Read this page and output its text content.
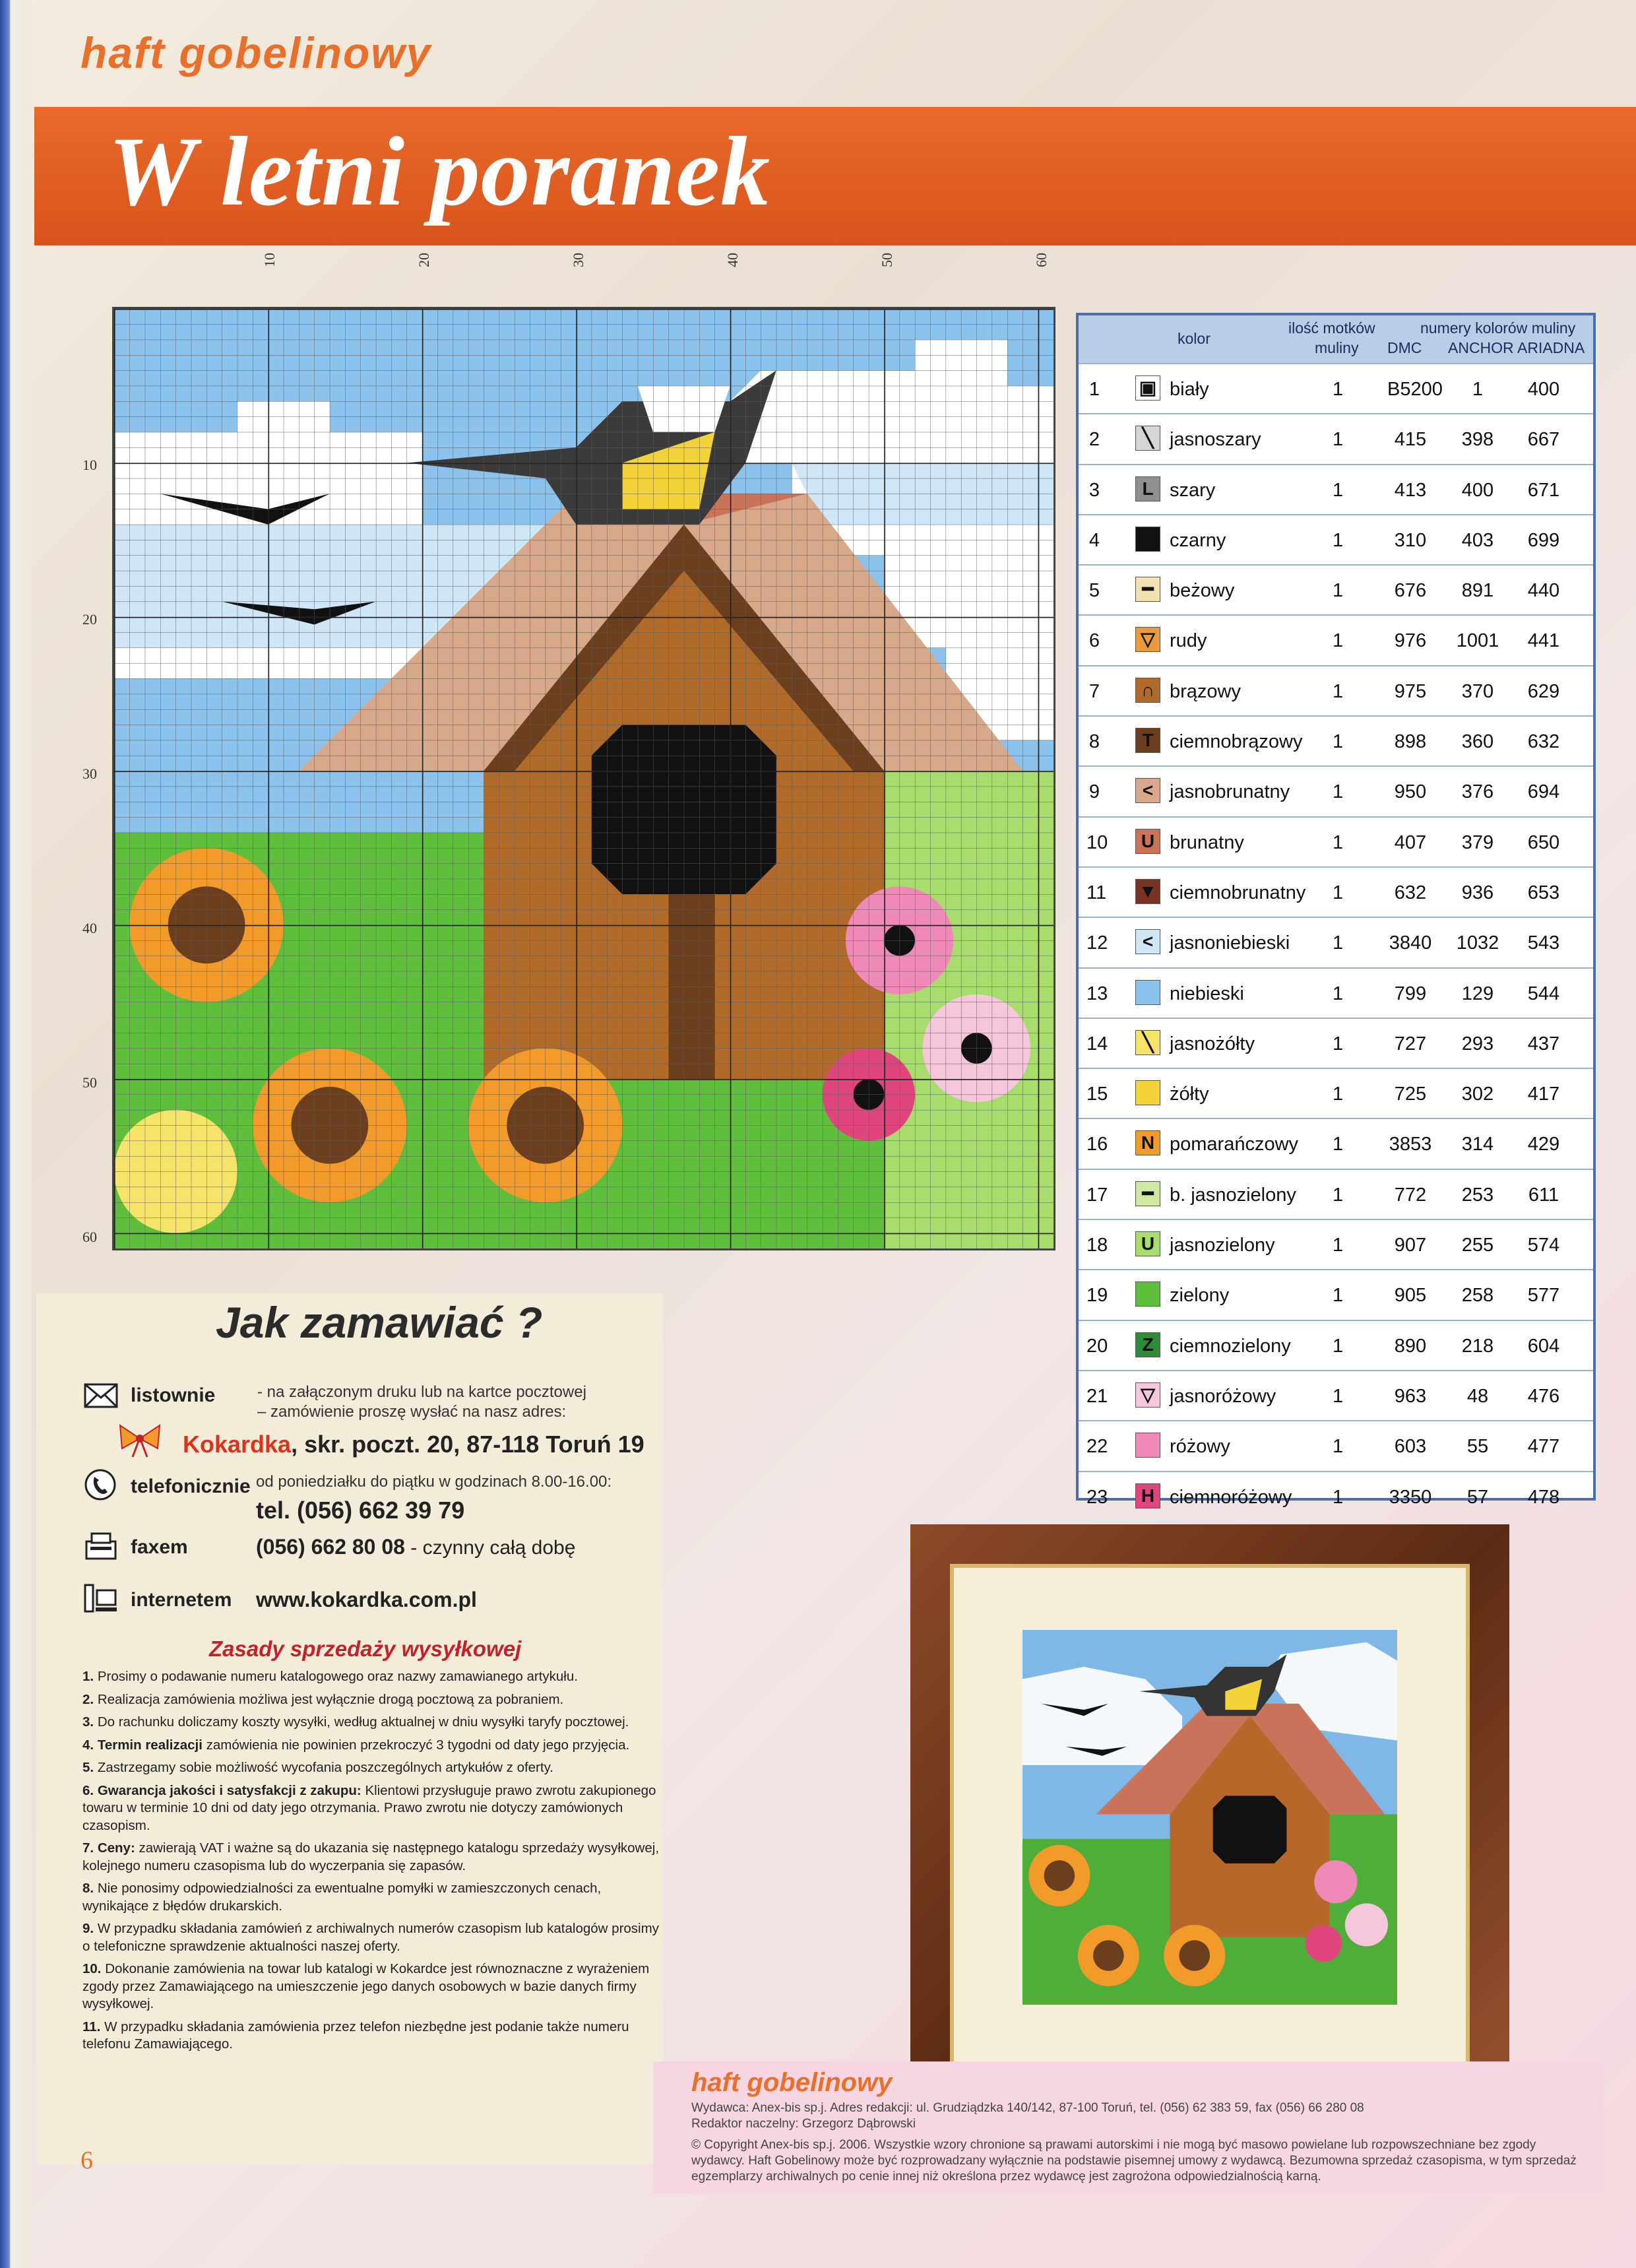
haft gobelinowy
W letni poranek
10	20	30	40	50	60
10
20
30
40
50
60
kolor
ilość motków
muliny
numery kolorów muliny
DMC ANCHOR ARIADNA
1 ▣ biały	1 B5200	1	400
2	╲ jasnoszary	1	415	398	667
3	L szary	1	413	400	671
4	■ czarny	1	310	403	699
5	━ beżowy	1	676	891	440
6 ▽ rudy	1	976	1001	441
7	∩ brązowy	1	975	370	629
8	T ciemnobrązowy 1	898	360	632
9	< jasnobrunatny 1	950	376	694
10	U brunatny	1	407	379	650
11 ▼ ciemnobrunatny 1	632	936	653
12	< jasnoniebieski 1 3840 1032	543
13	niebieski	1	799	129	544
14	╲ jasnożółty	1	727	293	437
15	żółty	1	725	302	417
16	N pomarańczowy 1 3853	314	429
17	━ b. jasnozielony 1	772	253	611
18	U jasnozielony	1	907	255	574
19	zielony	1	905	258	577
20	Z ciemnozielony 1	890	218	604
21 ▽ jasnoróżowy	1	963	48	476
22	różowy	1	603	55	477
23	H ciemnoróżowy 1 3350	57	478
Jak zamawiać ?
listownie	- na załączonym druku lub na kartce pocztowej
– zamówienie proszę wysłać na nasz adres:
Kokardka, skr. poczt. 20, 87-118 Toruń 19
telefonicznie od poniedziałku do piątku w godzinach 8.00-16.00:
tel. (056) 662 39 79
faxem	(056) 662 80 08 - czynny całą dobę
internetem www.kokardka.com.pl
Zasady sprzedaży wysyłkowej

1. Prosimy o podawanie numeru katalogowego oraz nazwy zamawianego artykułu.

2. Realizacja zamówienia możliwa jest wyłącznie drogą pocztową za pobraniem.

3. Do rachunku doliczamy koszty wysyłki, według aktualnej w dniu wysyłki taryfy pocztowej.

4. Termin realizacji zamówienia nie powinien przekroczyć 3 tygodni od daty jego przyjęcia.

5. Zastrzegamy sobie możliwość wycofania poszczególnych artykułów z oferty.

6. Gwarancja jakości i satysfakcji z zakupu: Klientowi przysługuje prawo zwrotu zakupionego towaru w terminie 10 dni od daty jego otrzymania. Prawo zwrotu nie dotyczy zamówionych czasopism.

7. Ceny: zawierają VAT i ważne są do ukazania się następnego katalogu sprzedaży wysyłkowej, kolejnego numeru czasopisma lub do wyczerpania się zapasów.

8. Nie ponosimy odpowiedzialności za ewentualne pomyłki w zamieszczonych cenach, wynikające z błędów drukarskich.

9. W przypadku składania zamówień z archiwalnych numerów czasopism lub katalogów prosimy o telefoniczne sprawdzenie aktualności naszej oferty.

10. Dokonanie zamówienia na towar lub katalogi w Kokardce jest równoznaczne z wyrażeniem zgody przez Zamawiającego na umieszczenie jego danych osobowych w bazie danych firmy wysyłkowej.

11. W przypadku składania zamówienia przez telefon niezbędne jest podanie także numeru telefonu Zamawiającego.

haft gobelinowy
Wydawca: Anex-bis sp.j. Adres redakcji: ul. Grudziądzka 140/142, 87-100 Toruń, tel. (056) 62 383 59, fax (056) 66 280 08
Redaktor naczelny: Grzegorz Dąbrowski
© Copyright Anex-bis sp.j. 2006. Wszystkie wzory chronione są prawami autorskimi i nie mogą być masowo powielane lub rozpowszechniane bez zgody
wydawcy. Haft Gobelinowy może być rozprowadzany wyłącznie na podstawie pisemnej umowy z wydawcą. Bezumowna sprzedaż czasopisma, w tym sprzedaż
egzemplarzy archiwalnych po cenie innej niż określona przez wydawcę jest zagrożona odpowiedzialnością karną.
6
